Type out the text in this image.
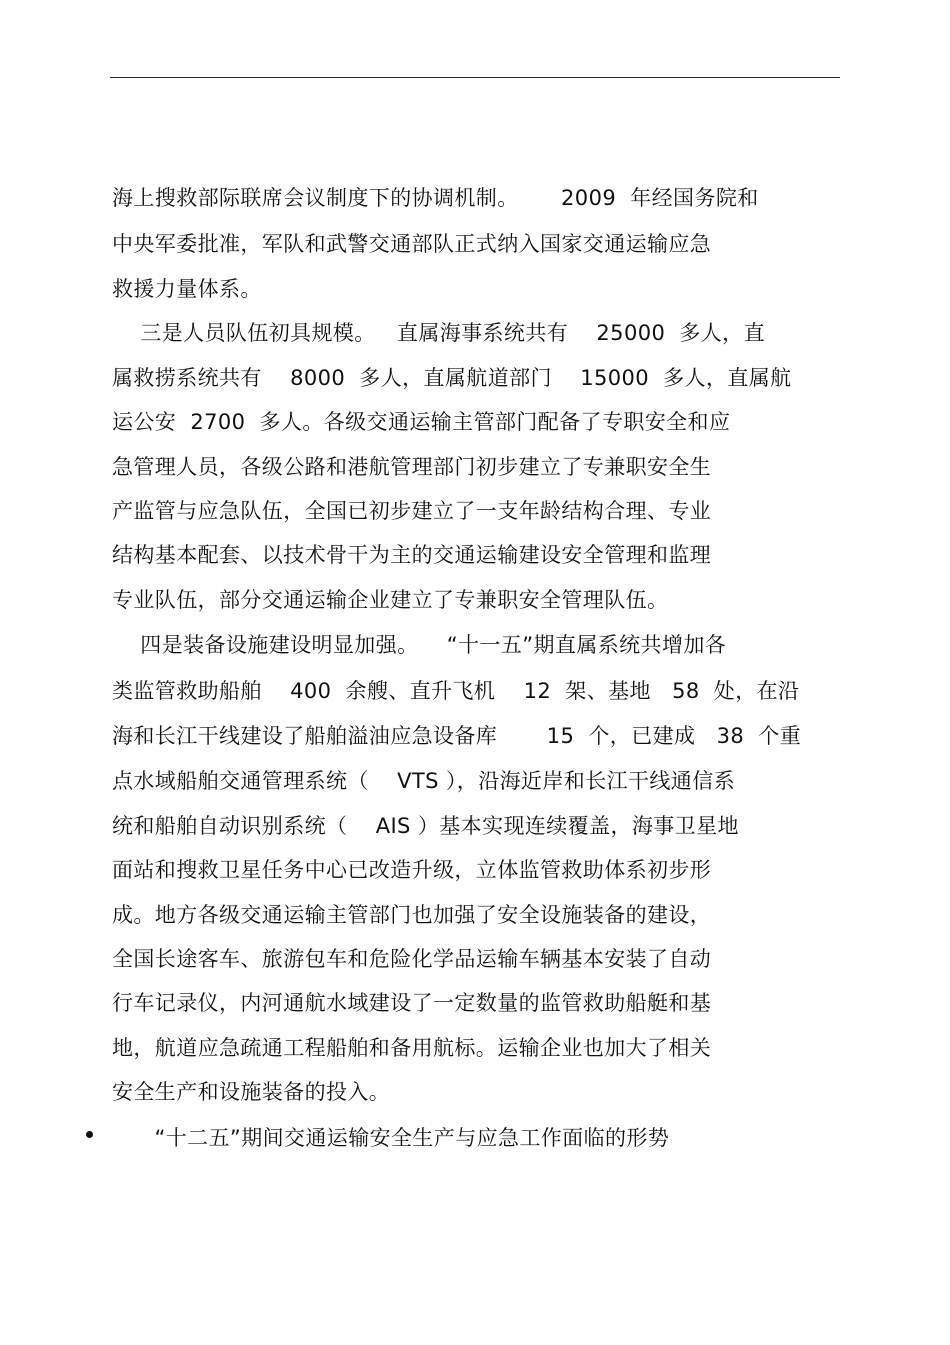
海上搜救部际联席会议制度下的协调机制。      2009  年经国务院和
中央军委批准，军队和武警交通部队正式纳入国家交通运输应急
救援力量体系。
三是人员队伍初具规模。   直属海事系统共有    25000  多人，直
属救捞系统共有    8000  多人，直属航道部门    15000  多人，直属航
运公安  2700  多人。各级交通运输主管部门配备了专职安全和应
急管理人员，各级公路和港航管理部门初步建立了专兼职安全生
产监管与应急队伍，全国已初步建立了一支年龄结构合理、专业
结构基本配套、以技术骨干为主的交通运输建设安全管理和监理
专业队伍，部分交通运输企业建立了专兼职安全管理队伍。
四是装备设施建设明显加强。    “十一五”期直属系统共增加各
类监管救助船舶    400  余艘、直升飞机    12  架、基地   58  处，在沿
海和长江干线建设了船舶溢油应急设备库       15  个，已建成   38  个重
点水域船舶交通管理系统（    VTS ），沿海近岸和长江干线通信系
统和船舶自动识别系统（    AIS ）基本实现连续覆盖，海事卫星地
面站和搜救卫星任务中心已改造升级，立体监管救助体系初步形
成。地方各级交通运输主管部门也加强了安全设施装备的建设，
全国长途客车、旅游包车和危险化学品运输车辆基本安装了自动
行车记录仪，内河通航水域建设了一定数量的监管救助船艇和基
地，航道应急疏通工程船舶和备用航标。运输企业也加大了相关
安全生产和设施装备的投入。
“十二五”期间交通运输安全生产与应急工作面临的形势
